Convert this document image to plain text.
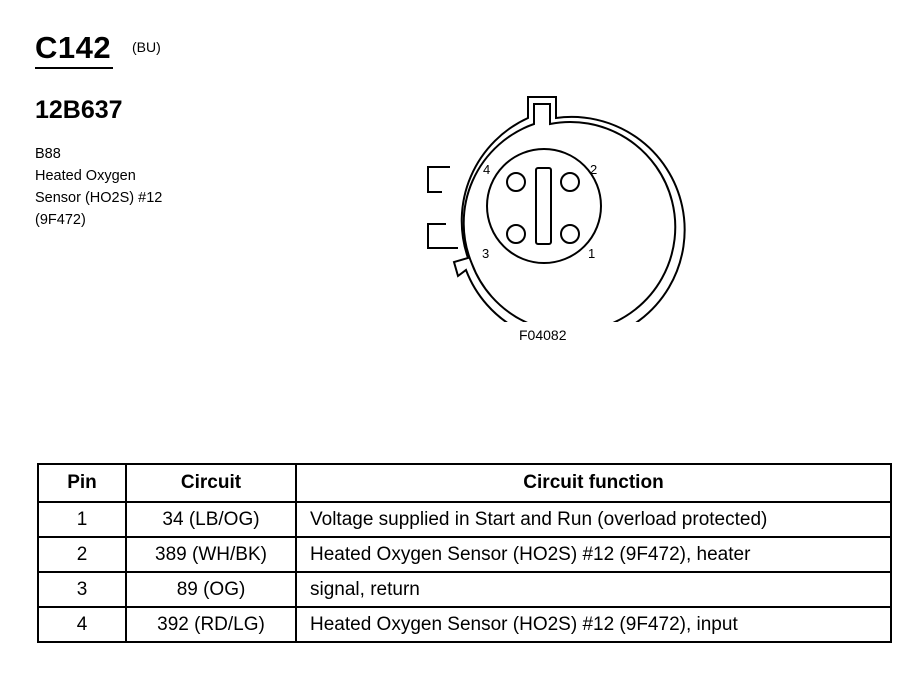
C142 (BU)
12B637
B88
Heated Oxygen
Sensor (HO2S) #12
(9F472)
4	2
3	1
F04082
Pin	Circuit	Circuit function
1	34 (LB/OG)	Voltage supplied in Start and Run (overload protected)
2	389 (WH/BK)	Heated Oxygen Sensor (HO2S) #12 (9F472), heater
3	89 (OG)	signal, return
4	392 (RD/LG)	Heated Oxygen Sensor (HO2S) #12 (9F472), input
